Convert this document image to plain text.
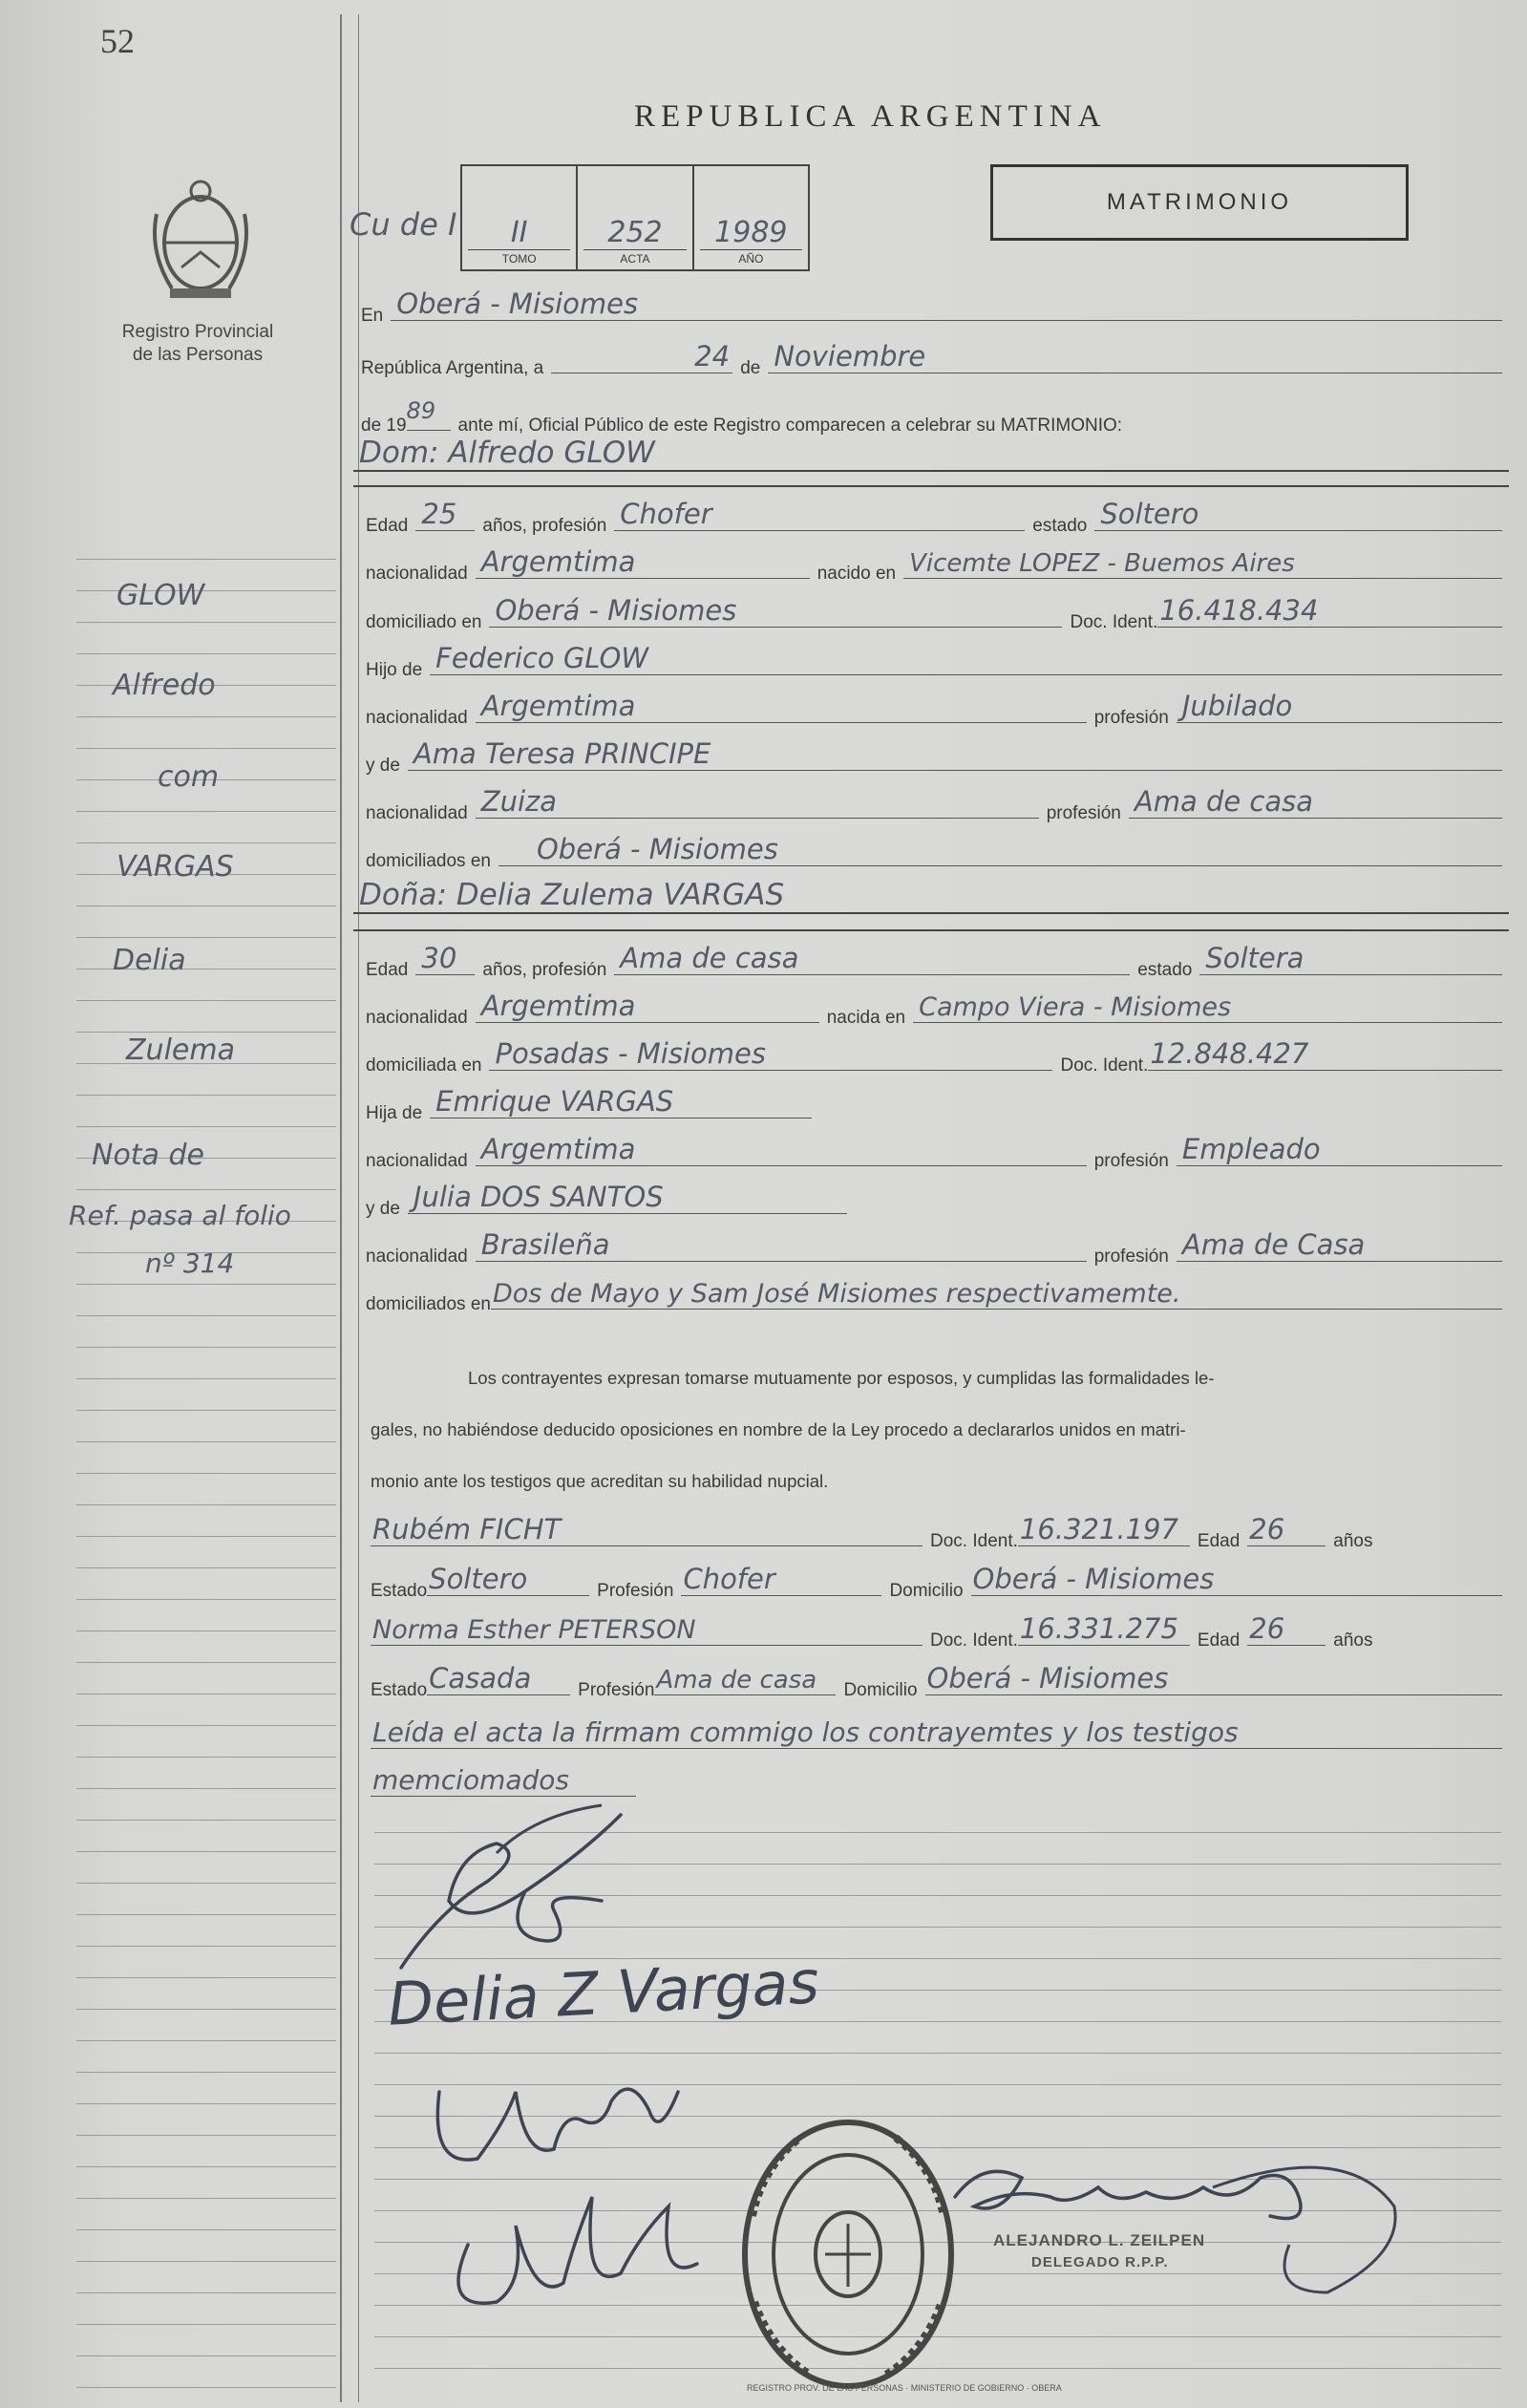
52
REPUBLICA ARGENTINA
MATRIMONIO
Registro Provincial
de las Personas
Cu de I	II
TOMO
252
ACTA
1989
AÑO
GLOW
Alfredo
com
VARGAS
Delia
Zulema
Nota de
Ref. pasa al folio
nº 314
En Oberá - Misiomes
República Argentina, a	24 de Noviembre
de 19
89
ante mí, Oficial Público de este Registro comparecen a celebrar su MATRIMONIO:
Dom: Alfredo GLOW
Edad 25 años, profesión Chofer	estado Soltero
nacionalidad Argemtima	nacido en Vicemte LOPEZ - Buemos Aires
domiciliado en Oberá - Misiomes	Doc. Ident. 16.418.434
Hijo de Federico GLOW
nacionalidad Argemtima	profesión Jubilado
y de Ama Teresa PRINCIPE
nacionalidad Zuiza	profesión Ama de casa
domiciliados en Oberá - Misiomes
Doña: Delia Zulema VARGAS
Edad 30 años, profesión Ama de casa	estado Soltera
nacionalidad Argemtima	nacida en Campo Viera - Misiomes
domiciliada en Posadas - Misiomes	Doc. Ident. 12.848.427
Hija de Emrique VARGAS
nacionalidad Argemtima	profesión Empleado
y de Julia DOS SANTOS
nacionalidad Brasileña	profesión Ama de Casa
domiciliados en Dos de Mayo y Sam José Misiomes respectivamemte.
Los contrayentes expresan tomarse mutuamente por esposos, y cumplidas las formalidades le-
gales, no habiéndose deducido oposiciones en nombre de la Ley procedo a declararlos unidos en matri-
monio ante los testigos que acreditan su habilidad nupcial.
Rubém FICHT	Doc. Ident. 16.321.197 Edad 26	años
Estado Soltero	Profesión Chofer	Domicilio Oberá - Misiomes
Norma Esther PETERSON	Doc. Ident. 16.331.275 Edad 26	años
Estado Casada	Profesión Ama de casa Domicilio Oberá - Misiomes
Leída el acta la firmam commigo los contrayemtes y los testigos
memciomados
Delia Z Vargas
REGISTRO PROV. DE LAS PERSONAS · MINISTERIO DE GOBIERNO · OBERA
ALEJANDRO L. ZEILPEN
DELEGADO R.P.P.
